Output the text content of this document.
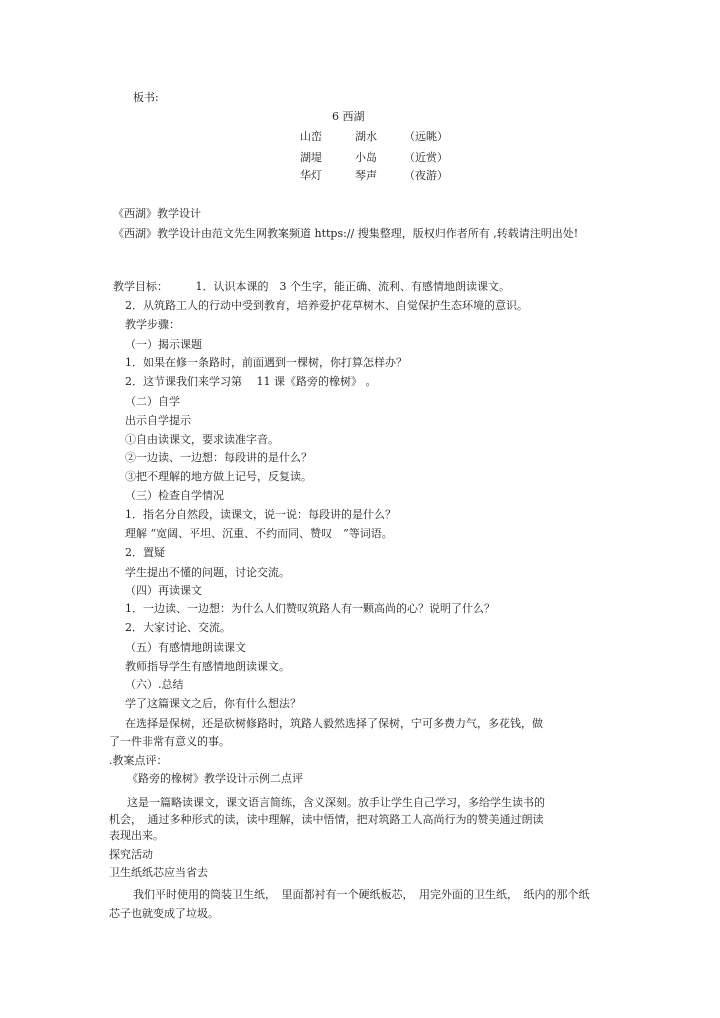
板书:
6 西湖
山峦	湖水 （远眺）
湖堤	小岛 （近赏）
华灯	琴声 （夜游）
《西湖》教学设计
《西湖》教学设计由范文先生网教案频道 https:// 搜集整理，版权归作者所有 ,转载请注明出处!
教学目标：　　　1．认识本课的　3 个生字，能正确、流利、有感情地朗读课文。
2．从筑路工人的行动中受到教育，培养爱护花草树木、自觉保护生态环境的意识。
教学步骤：
（一）揭示课题
1．如果在修一条路时，前面遇到一棵树，你打算怎样办？
2．这节课我们来学习第　 11 课《路旁的橡树》 。
（二）自学
出示自学提示
①自由读课文，要求读准字音。
②一边读、一边想：每段讲的是什么？
③把不理解的地方做上记号，反复读。
（三）检查自学情况
1．指名分自然段，读课文，说一说：每段讲的是什么？
理解 “宽阔、平坦、沉重、不约而同、赞叹　”等词语。
2．置疑
学生提出不懂的问题，讨论交流。
（四）再读课文
1．一边读、一边想：为什么人们赞叹筑路人有一颗高尚的心？说明了什么？
2．大家讨论、交流。
（五）有感情地朗读课文
教师指导学生有感情地朗读课文。
（六）.总结
学了这篇课文之后，你有什么想法？
在选择是保树，还是砍树修路时，筑路人毅然选择了保树，宁可多费力气，多花钱，做
了一件非常有意义的事。
.教案点评：
《路旁的橡树》教学设计示例二点评
这是一篇略读课文，课文语言简练，含义深刻。放手让学生自己学习，多给学生读书的
机会，　通过多种形式的读，读中理解，读中悟情，把对筑路工人高尚行为的赞美通过朗读
表现出来。
探究活动
卫生纸纸芯应当省去
我们平时使用的筒装卫生纸，　里面都衬有一个硬纸板芯，　用完外面的卫生纸，　纸内的那个纸
芯子也就变成了垃圾。
